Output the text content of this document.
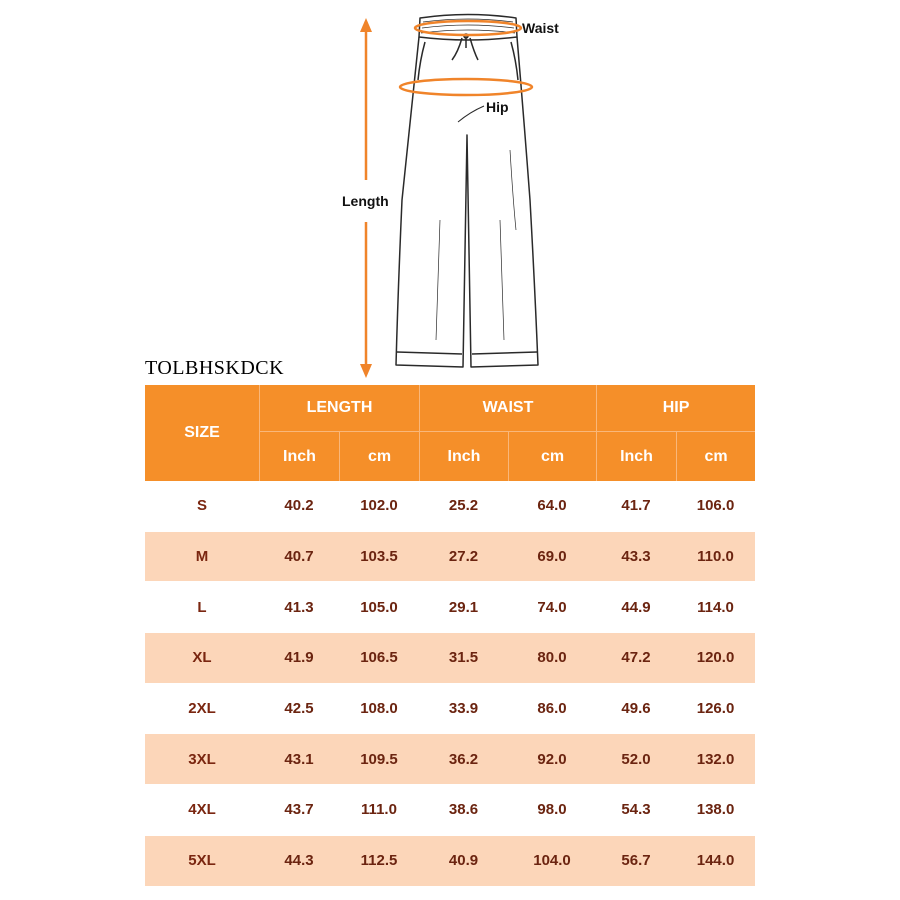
Waist
Hip
Length
TOLBHSKDCK
SIZE	LENGTH		WAIST		HIP	
	Inch	cm	Inch	cm	Inch	cm
S	40.2	102.0	25.2	64.0	41.7	106.0
M	40.7	103.5	27.2	69.0	43.3	110.0
L	41.3	105.0	29.1	74.0	44.9	114.0
XL	41.9	106.5	31.5	80.0	47.2	120.0
2XL	42.5	108.0	33.9	86.0	49.6	126.0
3XL	43.1	109.5	36.2	92.0	52.0	132.0
4XL	43.7	111.0	38.6	98.0	54.3	138.0
5XL	44.3	112.5	40.9	104.0	56.7	144.0
